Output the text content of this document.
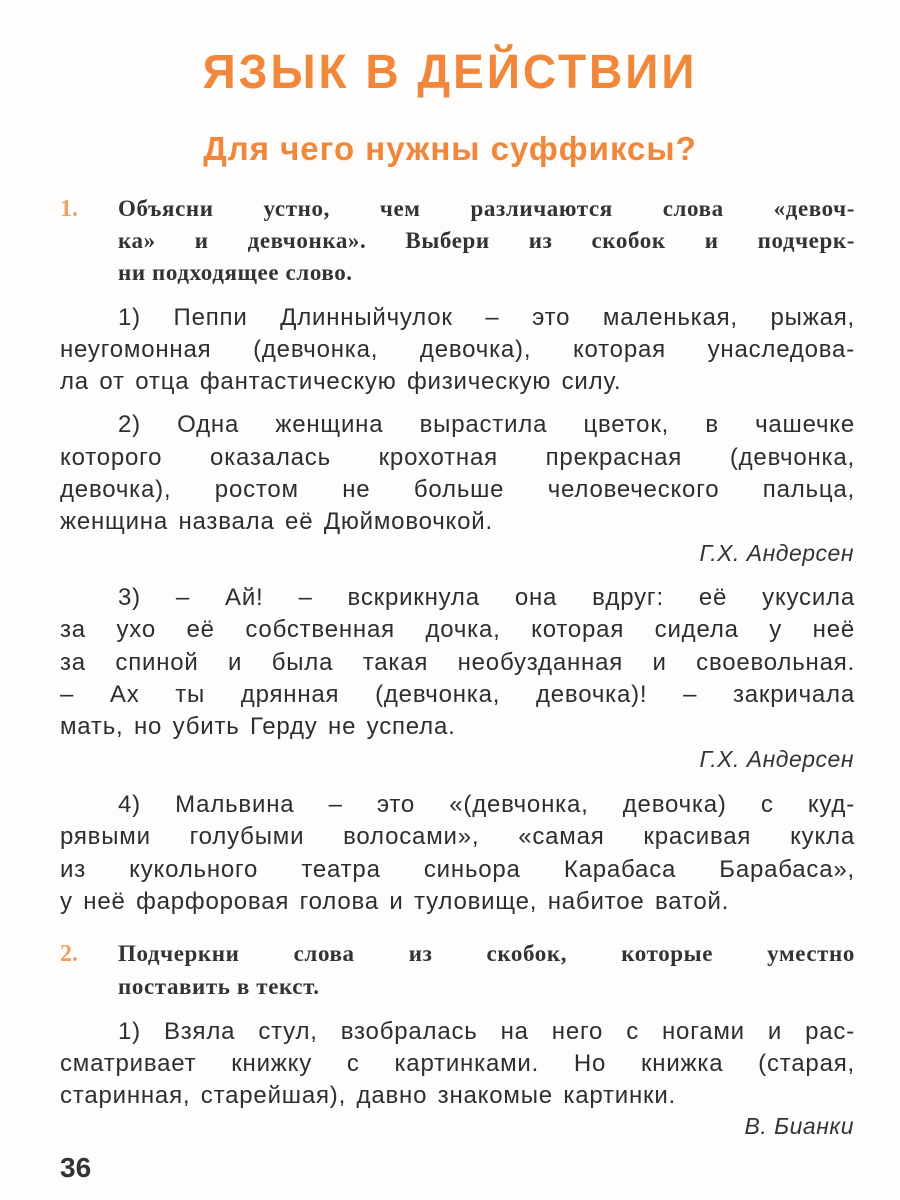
ЯЗЫК В ДЕЙСТВИИ
Для чего нужны суффиксы?
1. Объясни устно, чем различаются слова «девоч-
ка» и девчонка». Выбери из скобок и подчерк-
ни подходящее слово.
1) Пеппи Длинныйчулок – это маленькая, рыжая,
неугомонная (девчонка, девочка), которая унаследова-
ла от отца фантастическую физическую силу.
2) Одна женщина вырастила цветок, в чашечке
которого оказалась крохотная прекрасная (девчонка,
девочка), ростом не больше человеческого пальца,
женщина назвала её Дюймовочкой.
Г.Х. Андерсен
3) – Ай! – вскрикнула она вдруг: её укусила
за ухо её собственная дочка, которая сидела у неё
за спиной и была такая необузданная и своевольная.
– Ах ты дрянная (девчонка, девочка)! – закричала
мать, но убить Герду не успела.
Г.Х. Андерсен
4) Мальвина – это «(девчонка, девочка) с куд-
рявыми голубыми волосами», «самая красивая кукла
из кукольного театра синьора Карабаса Барабаса»,
у неё фарфоровая голова и туловище, набитое ватой.
2. Подчеркни слова из скобок, которые уместно
поставить в текст.
1) Взяла стул, взобралась на него с ногами и рас-
сматривает книжку с картинками. Но книжка (старая,
старинная, старейшая), давно знакомые картинки.
В. Бианки
36
